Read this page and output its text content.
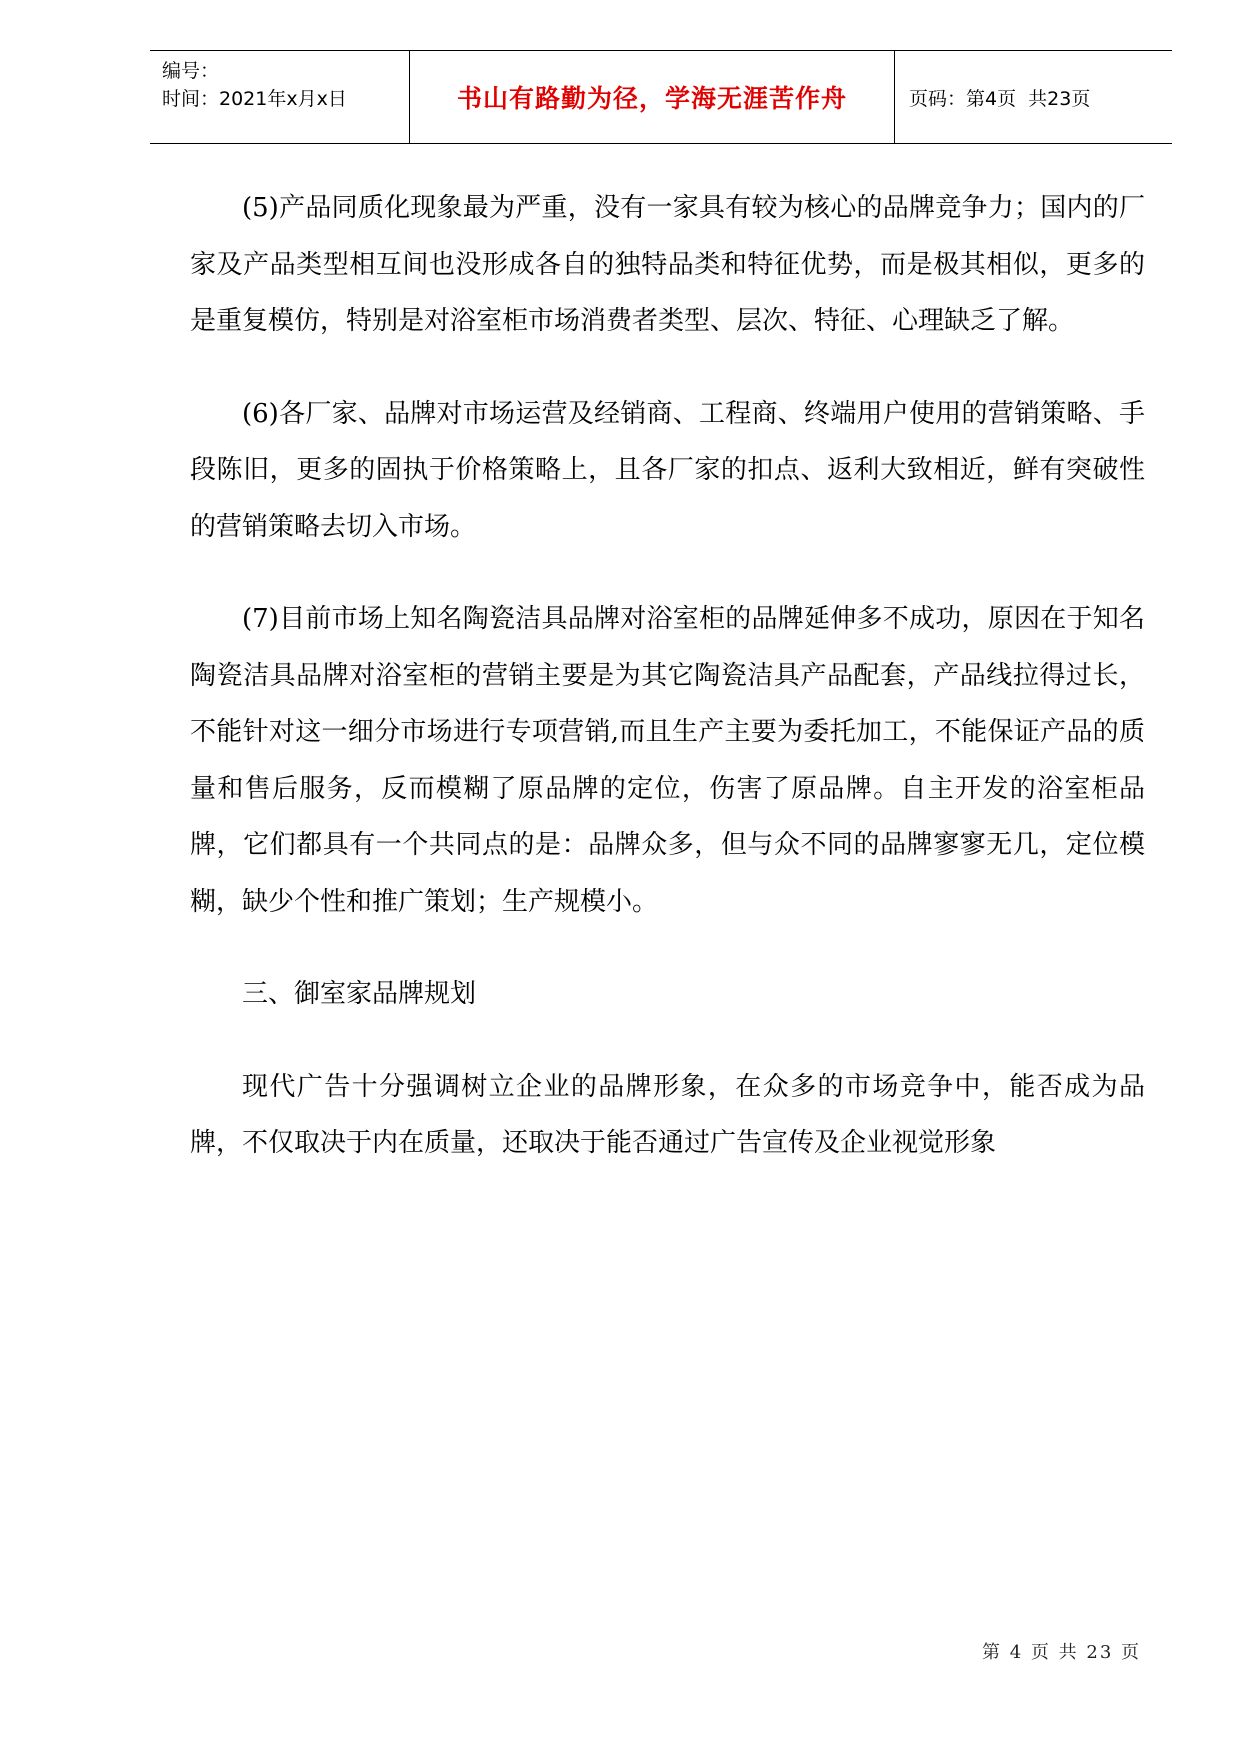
编号：
时间：2021年x月x日	书山有路勤为径，学海无涯苦作舟	页码：第4页  共23页

(5)产品同质化现象最为严重，没有一家具有较为核心的品牌竞争力；国内的厂家及产品类型相互间也没形成各自的独特品类和特征优势，而是极其相似，更多的是重复模仿，特别是对浴室柜市场消费者类型、层次、特征、心理缺乏了解。

(6)各厂家、品牌对市场运营及经销商、工程商、终端用户使用的营销策略、手段陈旧，更多的固执于价格策略上，且各厂家的扣点、返利大致相近，鲜有突破性的营销策略去切入市场。

(7)目前市场上知名陶瓷洁具品牌对浴室柜的品牌延伸多不成功，原因在于知名陶瓷洁具品牌对浴室柜的营销主要是为其它陶瓷洁具产品配套，产品线拉得过长，不能针对这一细分市场进行专项营销,而且生产主要为委托加工，不能保证产品的质量和售后服务，反而模糊了原品牌的定位，伤害了原品牌。自主开发的浴室柜品牌，它们都具有一个共同点的是：品牌众多，但与众不同的品牌寥寥无几，定位模糊，缺少个性和推广策划；生产规模小。

三、御室家品牌规划

现代广告十分强调树立企业的品牌形象，在众多的市场竞争中，能否成为品牌，不仅取决于内在质量，还取决于能否通过广告宣传及企业视觉形象

第 4 页 共 23 页
